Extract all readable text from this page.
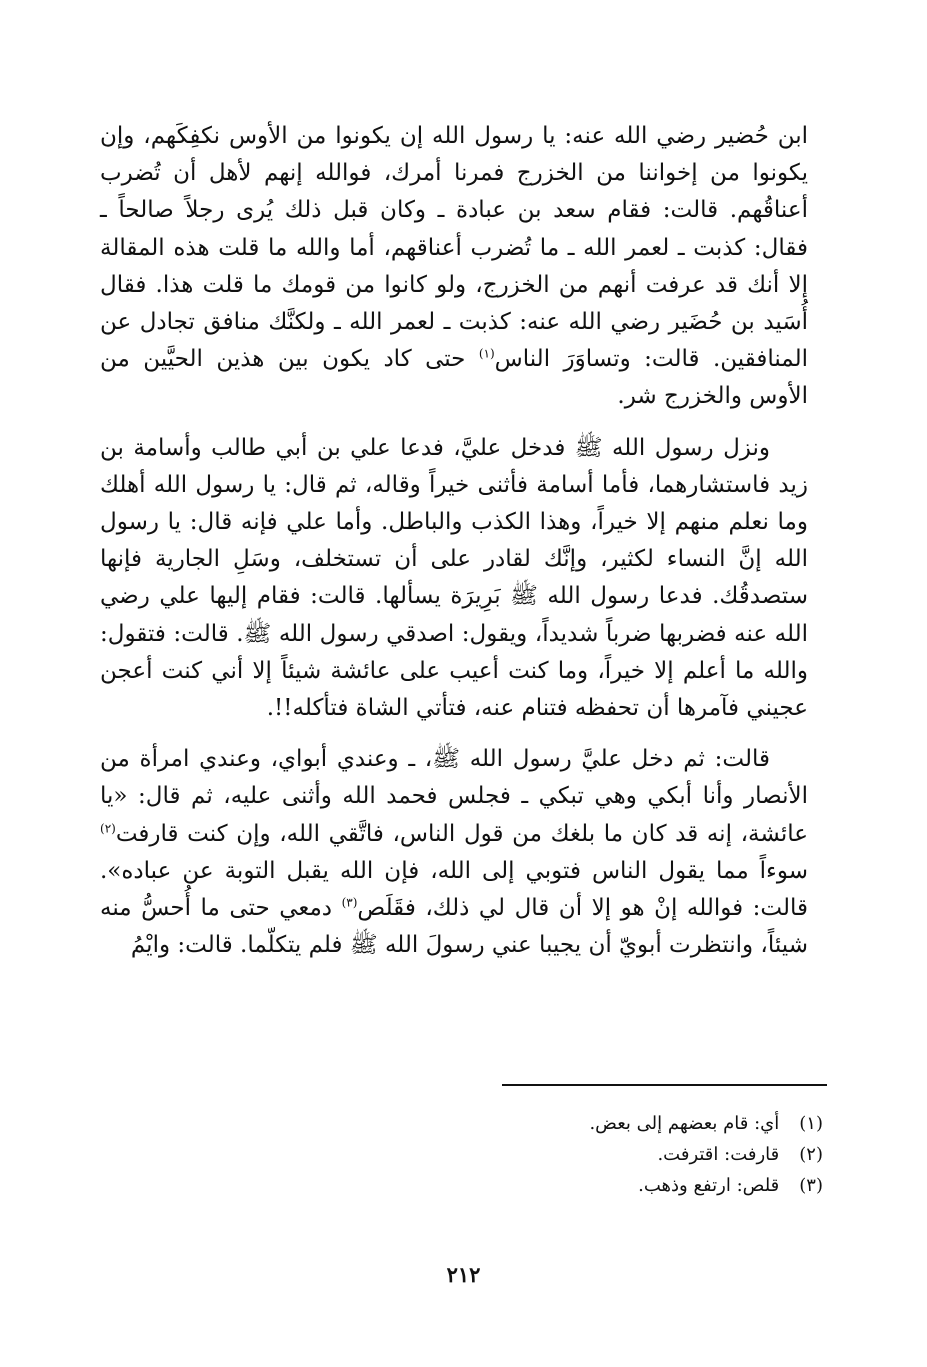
ابن حُضير رضي الله عنه: يا رسول الله إن يكونوا من الأوس نكفِكَهم، وإن يكونوا من إخواننا من الخزرج فمرنا أمرك، فوالله إنهم لأهل أن تُضرب أعناقُهم. قالت: فقام سعد بن عبادة ـ وكان قبل ذلك يُرى رجلاً صالحاً ـ فقال: كذبت ـ لعمر الله ـ ما تُضرب أعناقهم، أما والله ما قلت هذه المقالة إلا أنك قد عرفت أنهم من الخزرج، ولو كانوا من قومك ما قلت هذا. فقال أُسَيد بن حُضَير رضي الله عنه: كذبت ـ لعمر الله ـ ولكنَّك منافق تجادل عن المنافقين. قالت: وتساوَرَ الناس$^{(١)}$ حتى كاد يكون بين هذين الحيَّين من الأوس والخزرج شر.

ونزل رسول الله ﷺ فدخل عليَّ، فدعا علي بن أبي طالب وأسامة بن زيد فاستشارهما، فأما أسامة فأثنى خيراً وقاله، ثم قال: يا رسول الله أهلك وما نعلم منهم إلا خيراً، وهذا الكذب والباطل. وأما علي فإنه قال: يا رسول الله إنَّ النساء لكثير، وإنَّك لقادر على أن تستخلف، وسَلِ الجارية فإنها ستصدقُك. فدعا رسول الله ﷺ بَرِيرَة يسألها. قالت: فقام إليها علي رضي الله عنه فضربها ضرباً شديداً، ويقول: اصدقي رسول الله ﷺ. قالت: فتقول: والله ما أعلم إلا خيراً، وما كنت أعيب على عائشة شيئاً إلا أني كنت أعجن عجيني فآمرها أن تحفظه فتنام عنه، فتأتي الشاة فتأكله!!.

قالت: ثم دخل عليَّ رسول الله ﷺ، ـ وعندي أبواي، وعندي امرأة من الأنصار وأنا أبكي وهي تبكي ـ فجلس فحمد الله وأثنى عليه، ثم قال: «يا عائشة، إنه قد كان ما بلغك من قول الناس، فاتَّقي الله، وإن كنت قارفت$^{(٢)}$ سوءاً مما يقول الناس فتوبي إلى الله، فإن الله يقبل التوبة عن عباده». قالت: فوالله إنْ هو إلا أن قال لي ذلك، فقَلَص$^{(٣)}$ دمعي حتى ما أُحسُّ منه شيئاً، وانتظرت أبويّ أن يجيبا عني رسولَ الله ﷺ فلم يتكلّما. قالت: وايْمُ

(١) أي: قام بعضهم إلى بعض.

(٢) قارفت: اقترفت.

(٣) قلص: ارتفع وذهب.

٢١٢
